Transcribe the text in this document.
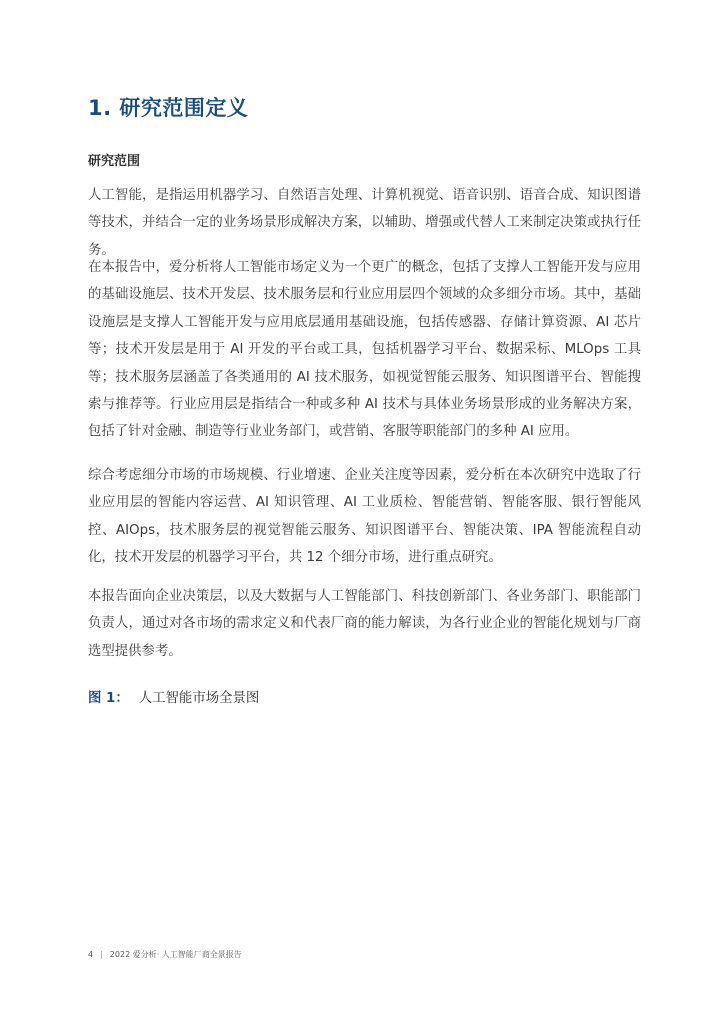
1. 研究范围定义
研究范围

人工智能，是指运用机器学习、自然语言处理、计算机视觉、语音识别、语音合成、知识图谱等技术，并结合一定的业务场景形成解决方案，以辅助、增强或代替人工来制定决策或执行任务。

在本报告中，爱分析将人工智能市场定义为一个更广的概念，包括了支撑人工智能开发与应用的基础设施层、技术开发层、技术服务层和行业应用层四个领域的众多细分市场。其中，基础设施层是支撑人工智能开发与应用底层通用基础设施，包括传感器、存储计算资源、AI 芯片等；技术开发层是用于 AI 开发的平台或工具，包括机器学习平台、数据采标、MLOps 工具等；技术服务层涵盖了各类通用的 AI 技术服务，如视觉智能云服务、知识图谱平台、智能搜索与推荐等。行业应用层是指结合一种或多种 AI 技术与具体业务场景形成的业务解决方案，包括了针对金融、制造等行业业务部门，或营销、客服等职能部门的多种 AI 应用。

综合考虑细分市场的市场规模、行业增速、企业关注度等因素，爱分析在本次研究中选取了行业应用层的智能内容运营、AI 知识管理、AI 工业质检、智能营销、智能客服、银行智能风控、AIOps，技术服务层的视觉智能云服务、知识图谱平台、智能决策、IPA 智能流程自动化，技术开发层的机器学习平台，共 12 个细分市场，进行重点研究。

本报告面向企业决策层，以及大数据与人工智能部门、科技创新部门、各业务部门、职能部门负责人，通过对各市场的需求定义和代表厂商的能力解读，为各行业企业的智能化规划与厂商选型提供参考。

图 1： 人工智能市场全景图
4 | 2022 爱分析· 人工智能厂商全景报告
